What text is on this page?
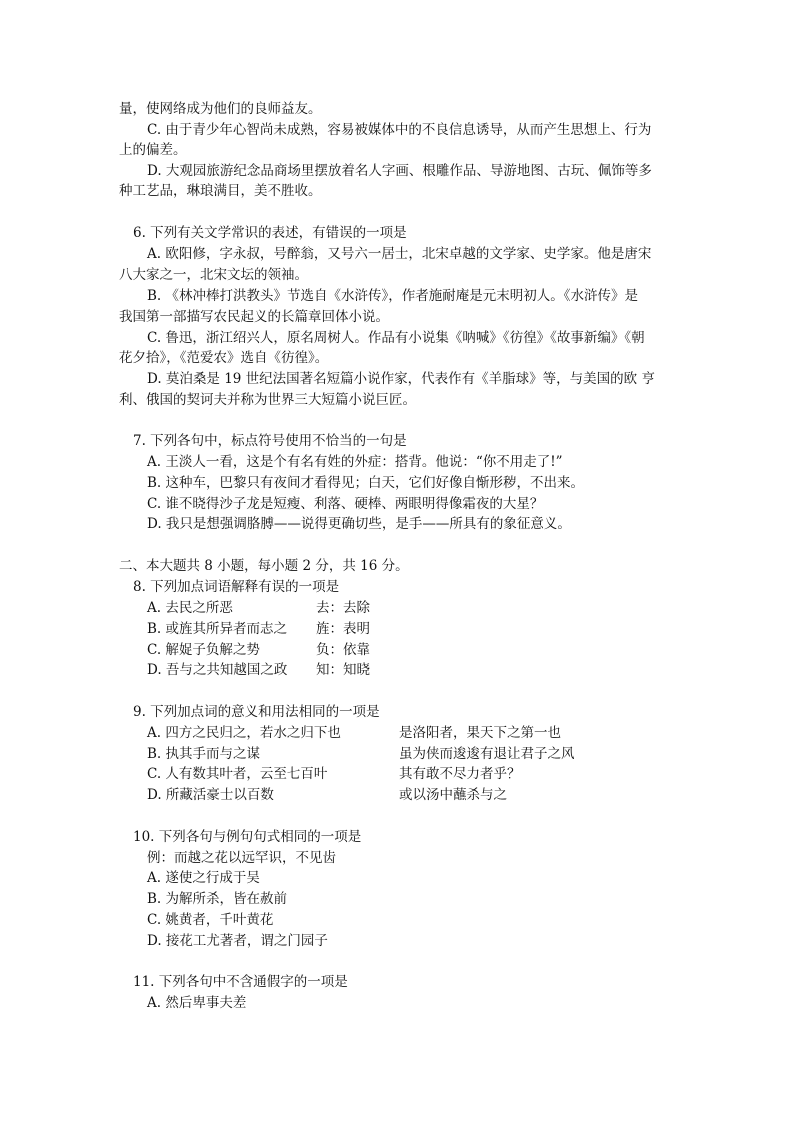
量，使网络成为他们的良师益友。
C. 由于青少年心智尚未成熟，容易被媒体中的不良信息诱导，从而产生思想上、行为
上的偏差。
D. 大观园旅游纪念品商场里摆放着名人字画、根雕作品、导游地图、古玩、佩饰等多
种工艺品，琳琅满目，美不胜收。
6. 下列有关文学常识的表述，有错误的一项是
A. 欧阳修，字永叔，号醉翁，又号六一居士，北宋卓越的文学家、史学家。他是唐宋
八大家之一，北宋文坛的领袖。
B. 《林冲棒打洪教头》节选自《水浒传》，作者施耐庵是元末明初人。《水浒传》是
我国第一部描写农民起义的长篇章回体小说。
C. 鲁迅，浙江绍兴人，原名周树人。作品有小说集《呐喊》《彷徨》《故事新编》《朝
花夕拾》，《范爱农》选自《彷徨》。
D. 莫泊桑是 19 世纪法国著名短篇小说作家，代表作有《羊脂球》等，与美国的欧 亨
利、俄国的契诃夫并称为世界三大短篇小说巨匠。
7. 下列各句中，标点符号使用不恰当的一句是
A. 王淡人一看，这是个有名有姓的外症：搭背。他说：“你不用走了!”
B. 这种车，巴黎只有夜间才看得见；白天，它们好像自惭形秽，不出来。
C. 谁不晓得沙子龙是短瘦、利落、硬棒、两眼明得像霜夜的大星？
D. 我只是想强调胳膊——说得更确切些，是手——所具有的象征意义。
二、本大题共 8 小题，每小题 2 分，共 16 分。
8. 下列加点词语解释有误的一项是
A. 去民之所恶	去：去除
B. 或旌其所异者而志之 旌：表明
C. 解娖子负解之势	负：依靠
D. 吾与之共知越国之政 知：知晓
9. 下列加点词的意义和用法相同的一项是
A. 四方之民归之，若水之归下也	是洛阳者，果天下之第一也
B. 执其手而与之谋	虽为侠而逡逡有退让君子之风
C. 人有数其叶者，云至七百叶	其有敢不尽力者乎？
D. 所藏活豪士以百数	或以汤中蘸杀与之
10. 下列各句与例句句式相同的一项是
例：而越之花以远罕识，不见齿
A. 遂使之行成于吴
B. 为解所杀，皆在赦前
C. 姚黄者，千叶黄花
D. 接花工尤著者，谓之门园子
11. 下列各句中不含通假字的一项是
A. 然后卑事夫差
